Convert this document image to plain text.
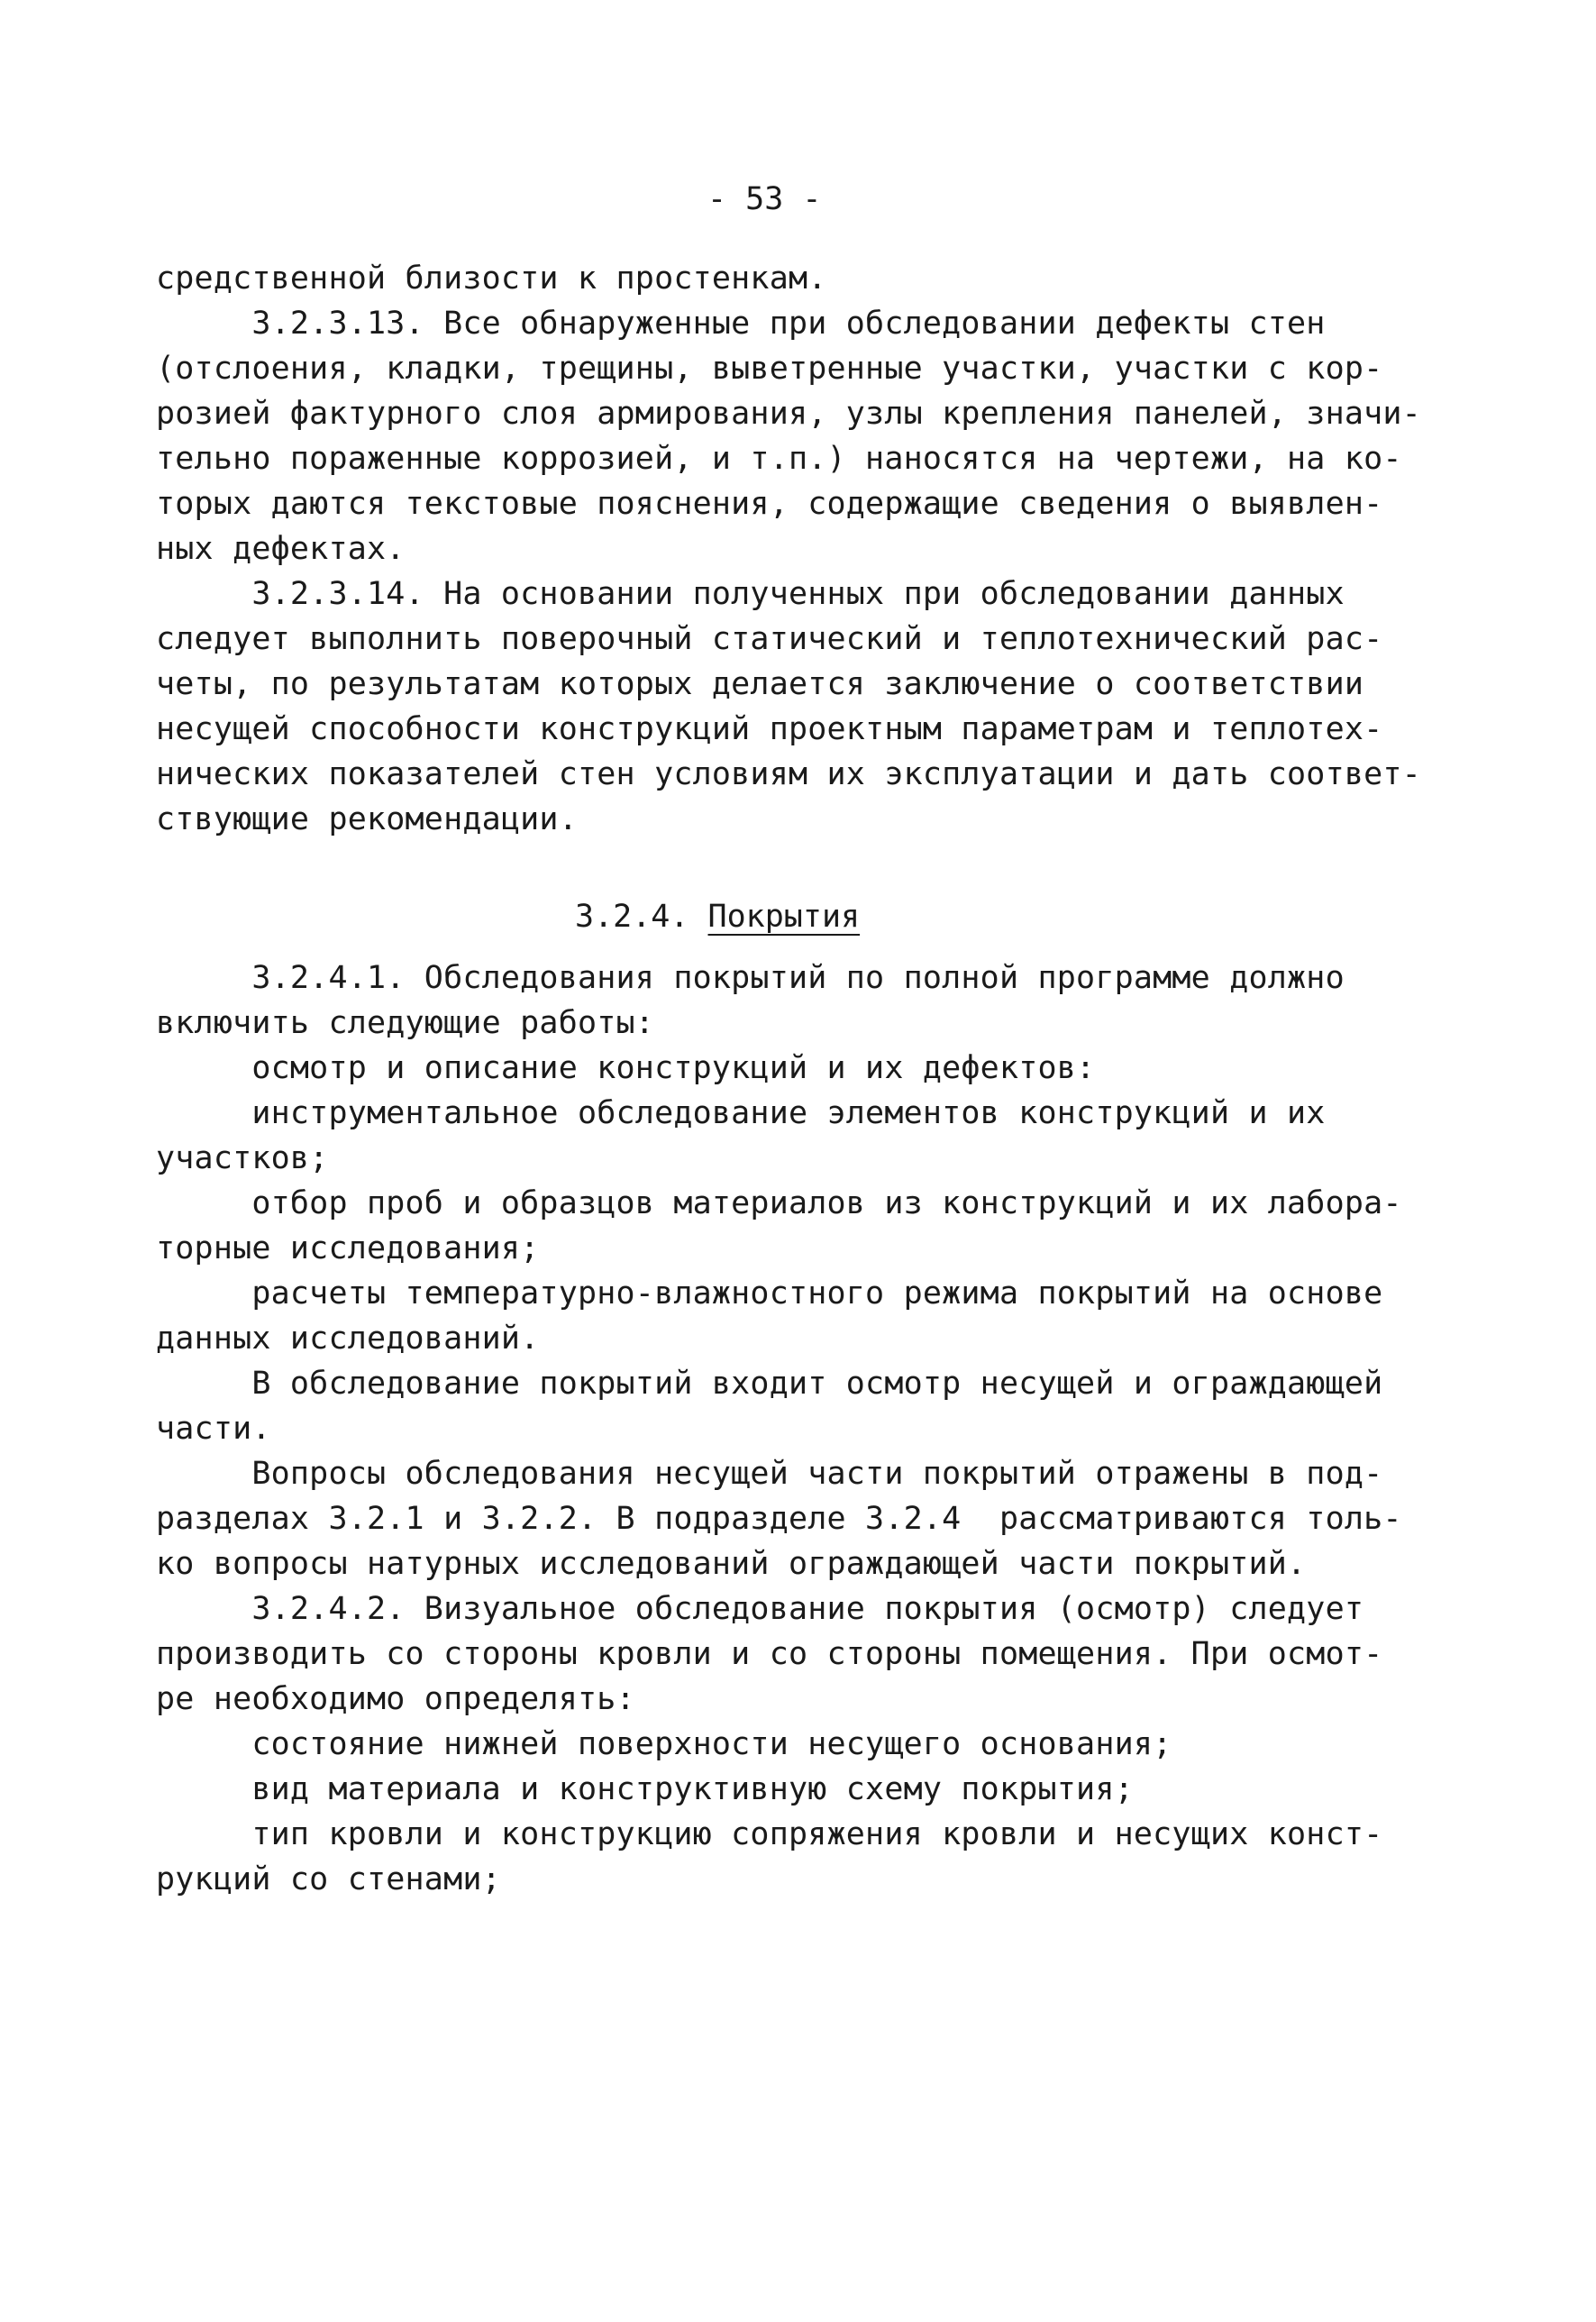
- 53 -
средственной близости к простенкам.
3.2.3.13. Все обнаруженные при обследовании дефекты стен
(отслоения, кладки, трещины, выветренные участки, участки с кор-
розией фактурного слоя армирования, узлы крепления панелей, значи-
тельно пораженные коррозией, и т.п.) наносятся на чертежи, на ко-
торых даются текстовые пояснения, содержащие сведения о выявлен-
ных дефектах.
3.2.3.14. На основании полученных при обследовании данных
следует выполнить поверочный статический и теплотехнический рас-
четы, по результатам которых делается заключение о соответствии
несущей способности конструкций проектным параметрам и теплотех-
нических показателей стен условиям их эксплуатации и дать соответ-
ствующие рекомендации.
3.2.4. Покрытия
3.2.4.1. Обследования покрытий по полной программе должно
включить следующие работы:
осмотр и описание конструкций и их дефектов:
инструментальное обследование элементов конструкций и их
участков;
отбор проб и образцов материалов из конструкций и их лабора-
торные исследования;
расчеты температурно-влажностного режима покрытий на основе
данных исследований.
В обследование покрытий входит осмотр несущей и ограждающей
части.
Вопросы обследования несущей части покрытий отражены в под-
разделах 3.2.1 и 3.2.2. В подразделе 3.2.4  рассматриваются толь-
ко вопросы натурных исследований ограждающей части покрытий.
3.2.4.2. Визуальное обследование покрытия (осмотр) следует
производить со стороны кровли и со стороны помещения. При осмот-
ре необходимо определять:
состояние нижней поверхности несущего основания;
вид материала и конструктивную схему покрытия;
тип кровли и конструкцию сопряжения кровли и несущих конст-
рукций со стенами;
